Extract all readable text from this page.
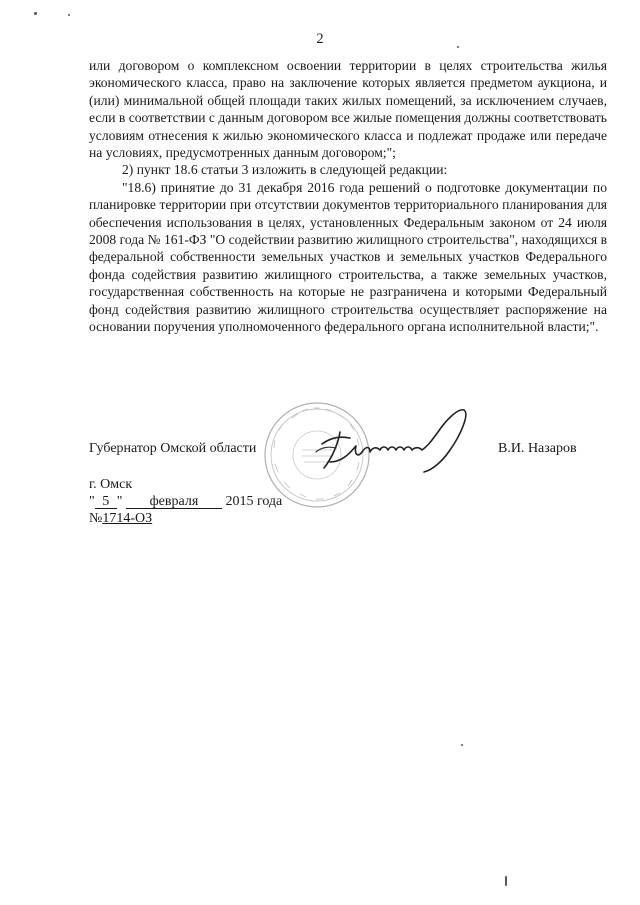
2

или договором о комплексном освоении территории в целях строительства жилья экономического класса, право на заключение которых является предметом аукциона, и (или) минимальной общей площади таких жилых помещений, за исключением случаев, если в соответствии с данным договором все жилые помещения должны соответствовать условиям отнесения к жилью экономического класса и подлежат продаже или передаче на условиях, предусмотренных данным договором;";

2) пункт 18.6 статьи 3 изложить в следующей редакции:

"18.6) принятие до 31 декабря 2016 года решений о подготовке документации по планировке территории при отсутствии документов территориального планирования для обеспечения использования в целях, установленных Федеральным законом от 24 июля 2008 года № 161-ФЗ "О содействии развитию жилищного строительства", находящихся в федеральной собственности земельных участков и земельных участков Федерального фонда содействия развитию жилищного строительства, а также земельных участков, государственная собственность на которые не разграничена и которыми Федеральный фонд содействия развитию жилищного строительства осуществляет распоряжение на основании поручения уполномоченного федерального органа исполнительной власти;".

Губернатор Омской области	В.И. Назаров
г. Омск
" 5 " февраля 2015 года
№1714-ОЗ
